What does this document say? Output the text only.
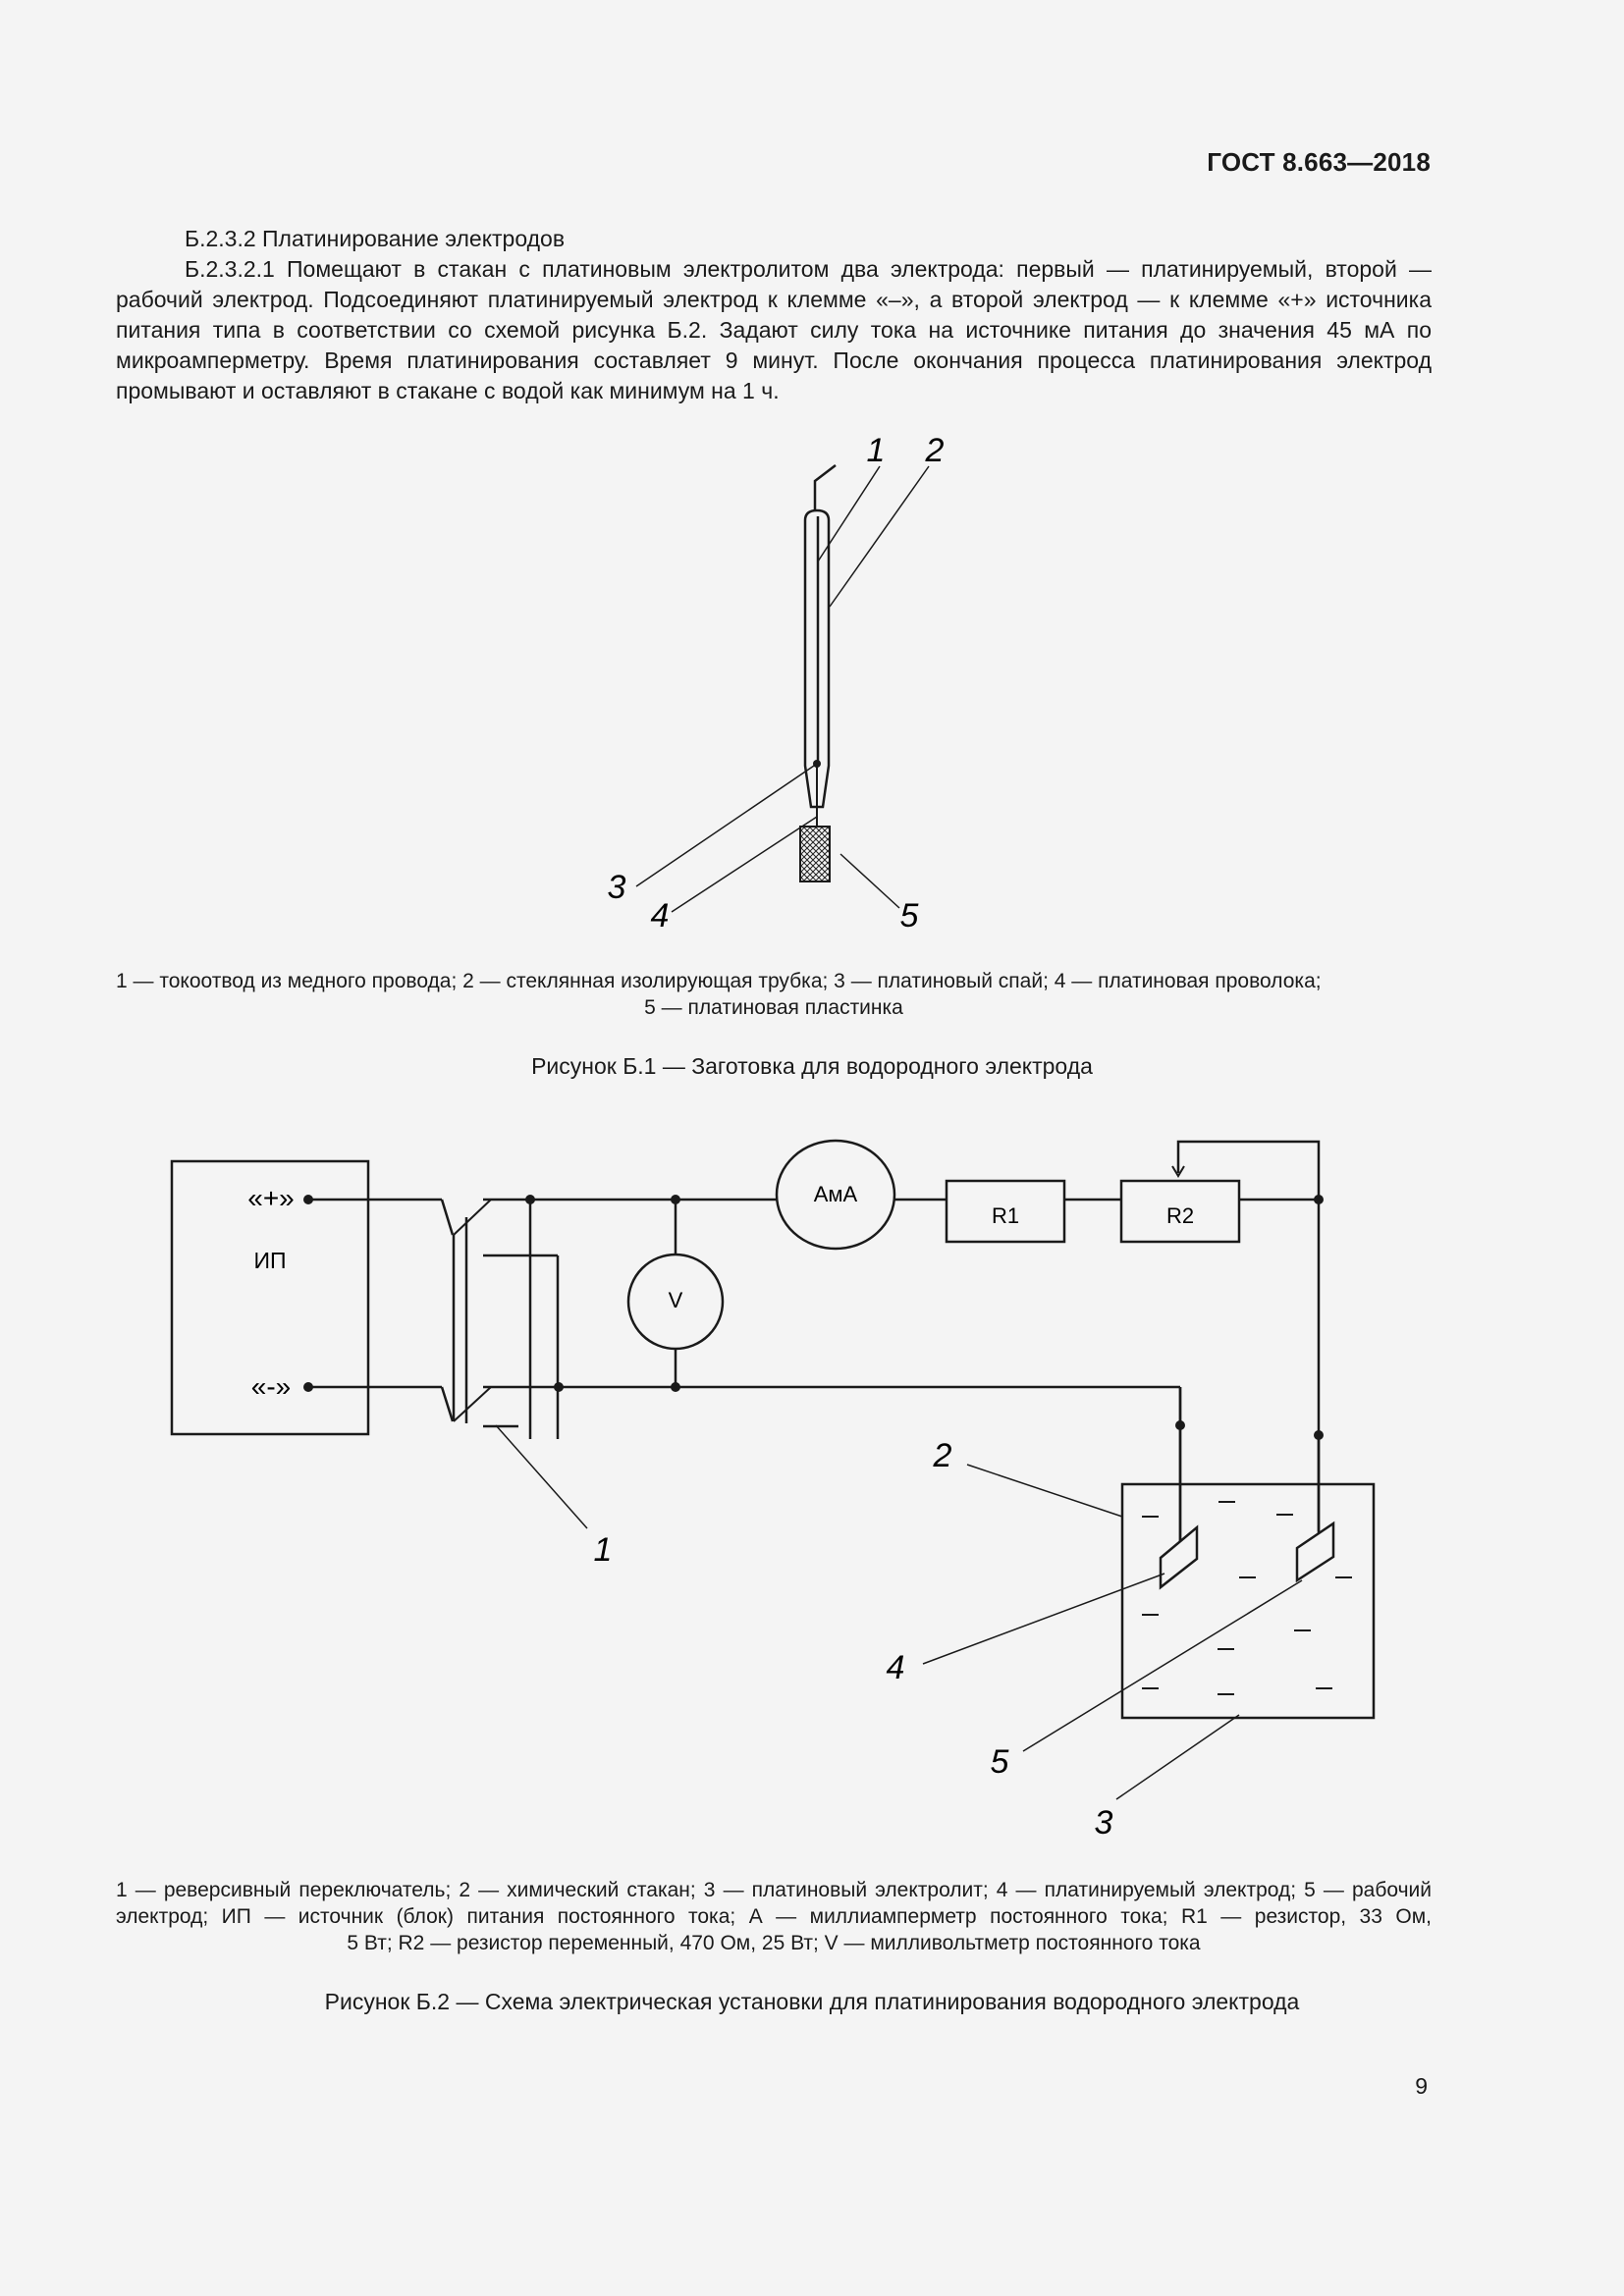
ГОСТ 8.663—2018

Б.2.3.2 Платинирование электродов

Б.2.3.2.1 Помещают в стакан с платиновым электролитом два электрода: первый — платинируемый, второй — рабочий электрод. Подсоединяют платинируемый электрод к клемме «–», а второй электрод — к клемме «+» источника питания типа в соответствии со схемой рисунка Б.2. Задают силу тока на источнике питания до значения 45 мА по микроамперметру. Время платинирования составляет 9 минут. После окончания процесса платинирования электрод промывают и оставляют в стакане с водой как минимум на 1 ч.

1 2
3
4	5
1 — токоотвод из медного провода; 2 — стеклянная изолирующая трубка; 3 — платиновый спай; 4 — платиновая проволока;
5 — платиновая пластинка
Рисунок Б.1 — Заготовка для водородного электрода
V
АмА
R1	R2
«+»
«-»
ИП
1
2
3
4
5
1 — реверсивный переключатель; 2 — химический стакан; 3 — платиновый электролит; 4 — платинируемый электрод; 5 — рабочий электрод; ИП — источник (блок) питания постоянного тока; А — миллиамперметр постоянного тока; R1 — резистор, 33 Ом,
5 Вт; R2 — резистор переменный, 470 Ом, 25 Вт; V — милливольтметр постоянного тока
Рисунок Б.2 — Схема электрическая установки для платинирования водородного электрода
9
